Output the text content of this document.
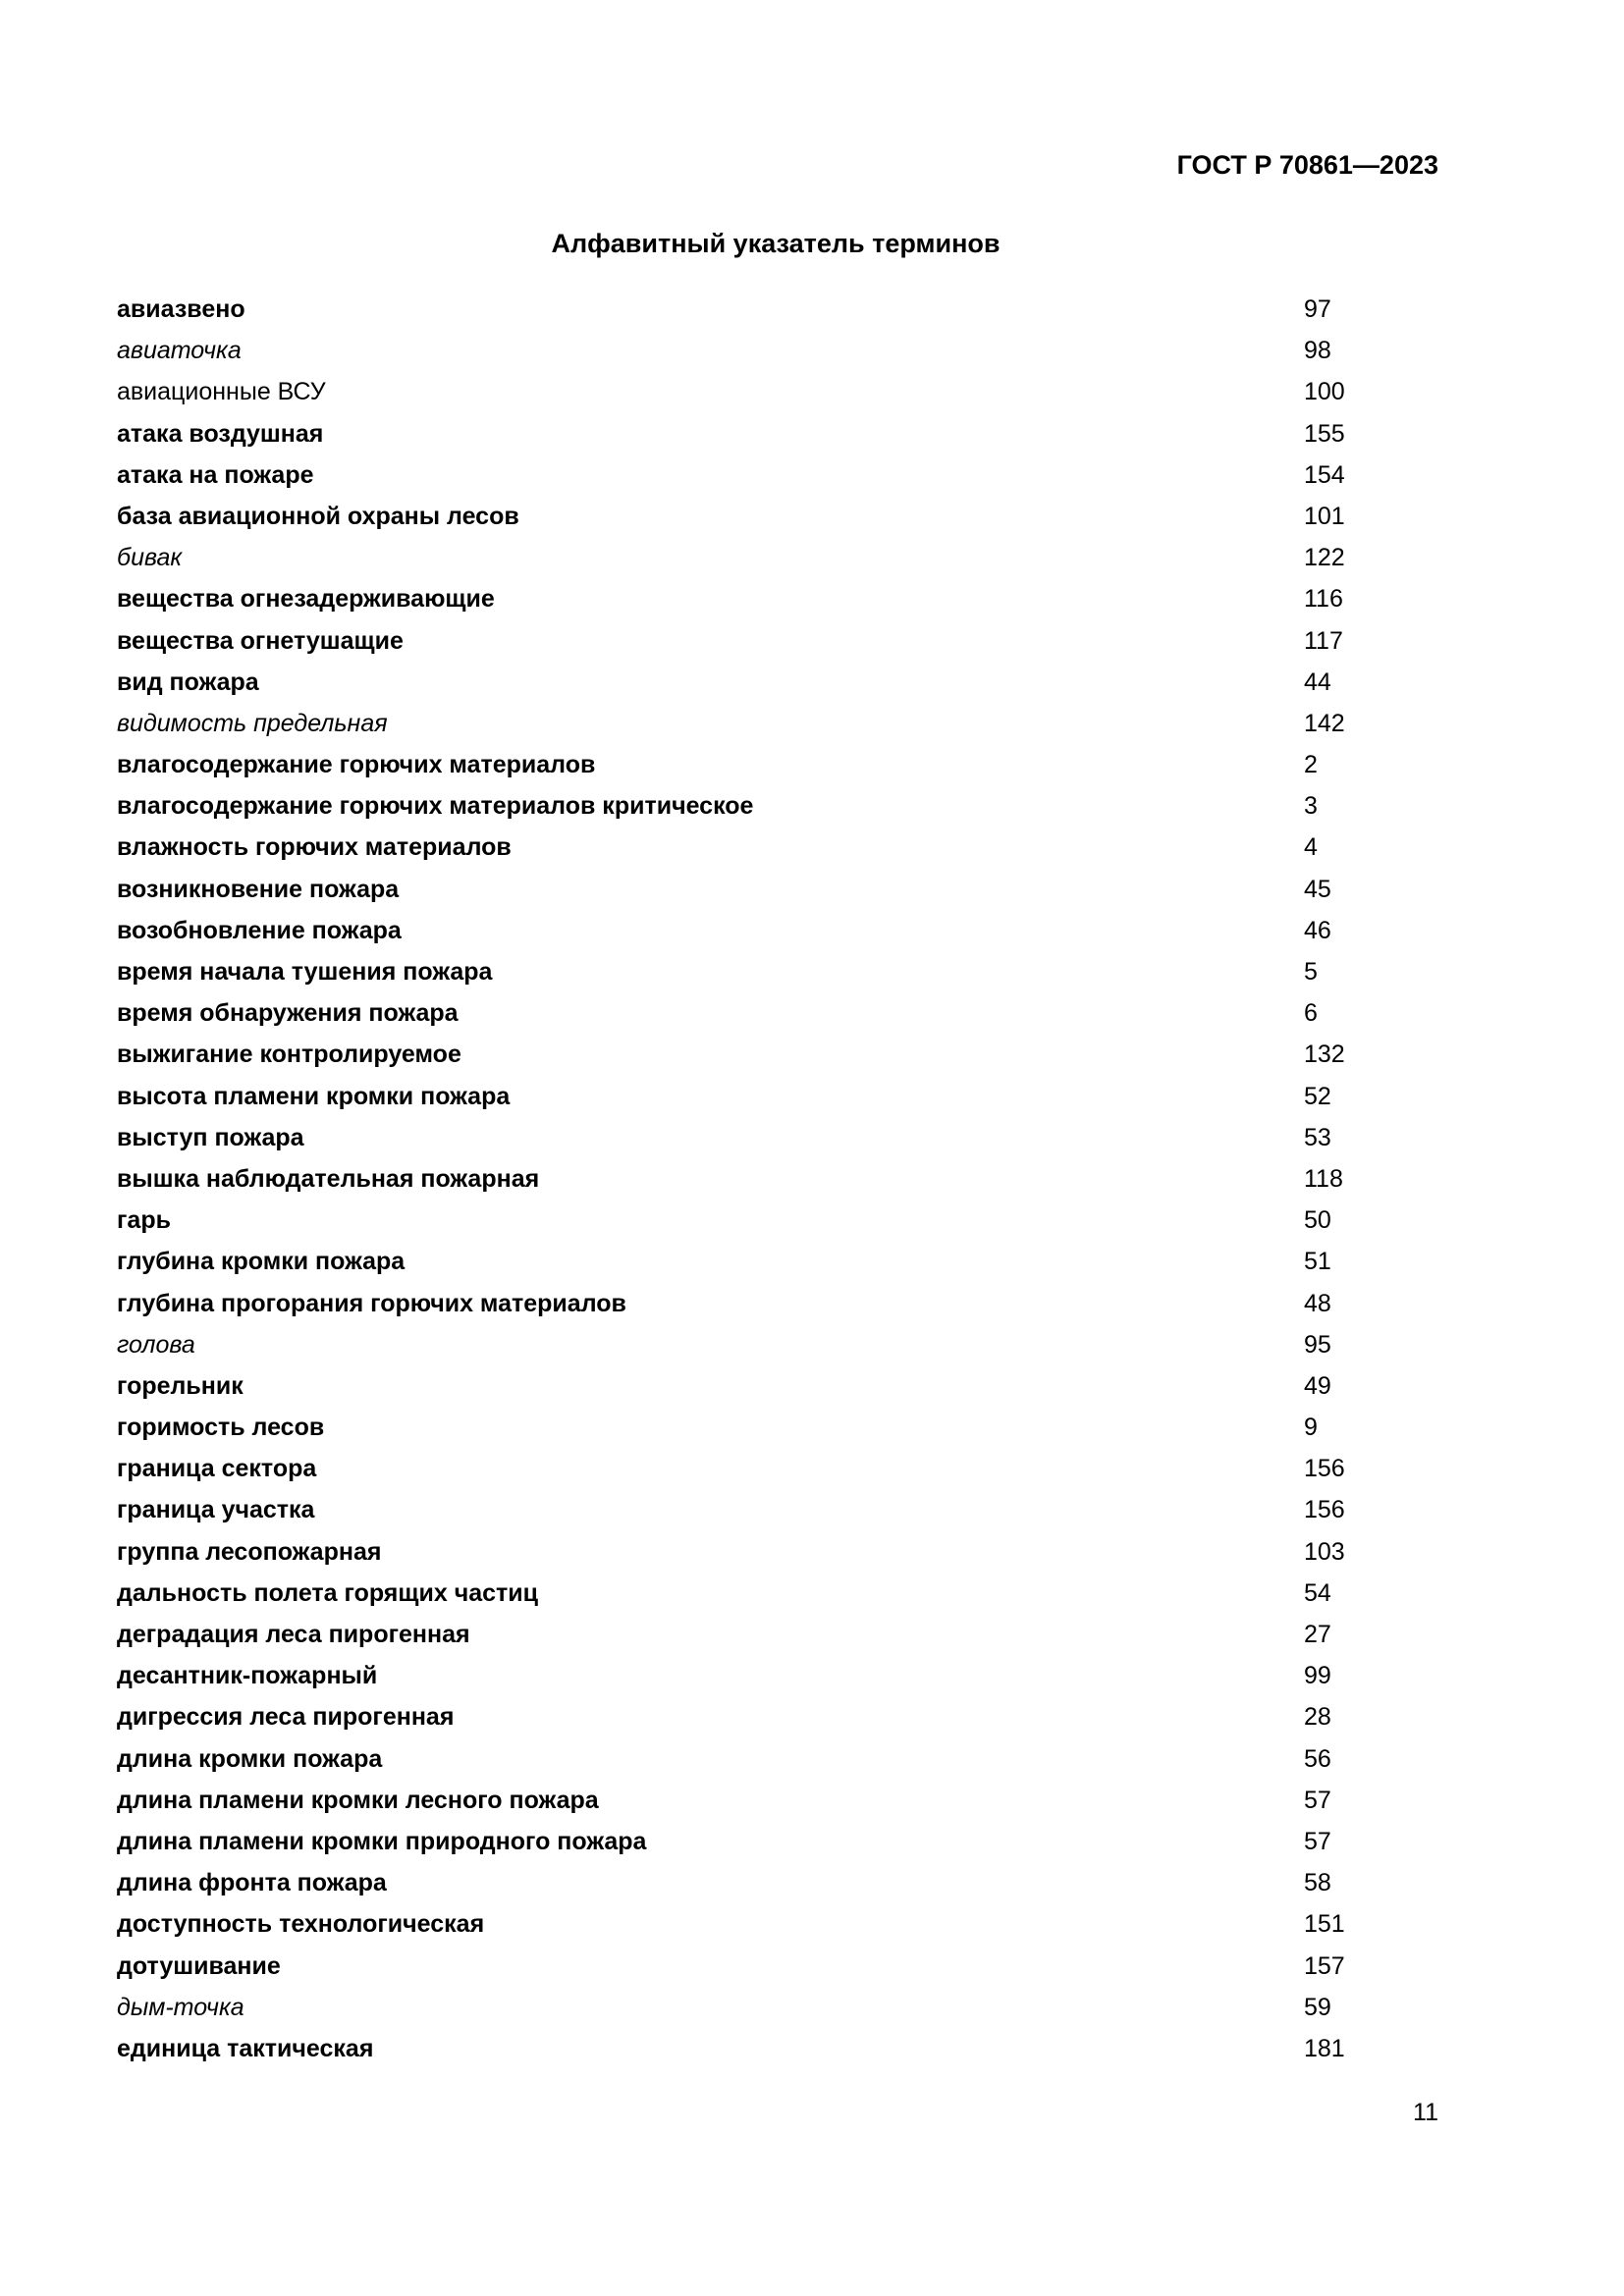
ГОСТ Р 70861—2023
Алфавитный указатель терминов
авиазвено	97
авиаточка	98
авиационные ВСУ	100
атака воздушная	155
атака на пожаре	154
база авиационной охраны лесов	101
бивак	122
вещества огнезадерживающие	116
вещества огнетушащие	117
вид пожара	44
видимость предельная	142
влагосодержание горючих материалов	2
влагосодержание горючих материалов критическое	3
влажность горючих материалов	4
возникновение пожара	45
возобновление пожара	46
время начала тушения пожара	5
время обнаружения пожара	6
выжигание контролируемое	132
высота пламени кромки пожара	52
выступ пожара	53
вышка наблюдательная пожарная	118
гарь	50
глубина кромки пожара	51
глубина прогорания горючих материалов	48
голова	95
горельник	49
горимость лесов	9
граница сектора	156
граница участка	156
группа лесопожарная	103
дальность полета горящих частиц	54
деградация леса пирогенная	27
десантник-пожарный	99
дигрессия леса пирогенная	28
длина кромки пожара	56
длина пламени кромки лесного пожара	57
длина пламени кромки природного пожара	57
длина фронта пожара	58
доступность технологическая	151
дотушивание	157
дым-точка	59
единица тактическая	181
11
